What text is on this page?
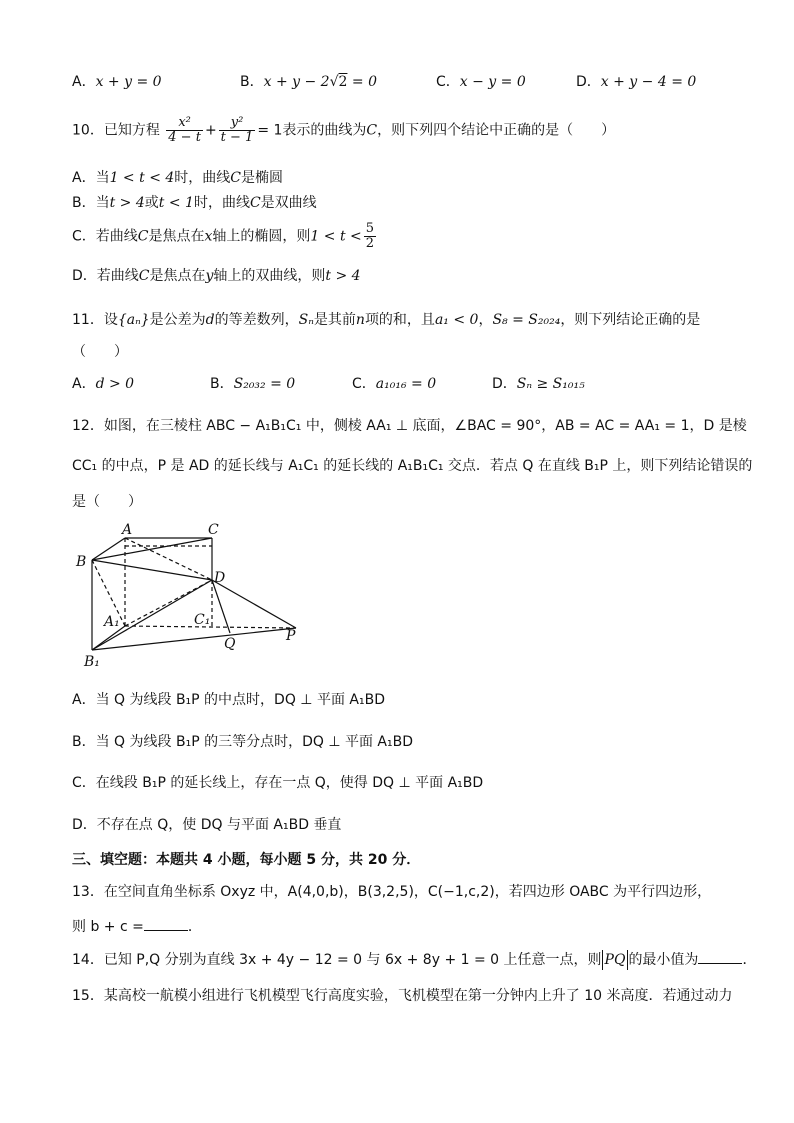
A．x + y = 0	B．x + y − 2√2 = 0	C．x − y = 0	D．x + y − 4 = 0
10．已知方程 $\frac{\text{x²}}{4 - t} + \frac{\text{y²}}{t - 1} = 1$表示的曲线为C，则下列四个结论中正确的是（　　）
A．当1 < t < 4时，曲线C是椭圆
B．当t > 4或t < 1时，曲线C是双曲线
C．若曲线C是焦点在x轴上的椭圆，则$1 < t < \frac{5}{2}$
D．若曲线C是焦点在y轴上的双曲线，则t > 4
11．设{aₙ}是公差为d的等差数列，Sₙ是其前n项的和，且a₁ < 0，S₈ = S₂₀₂₄，则下列结论正确的是
（　　）
A．d > 0	B．S₂₀₃₂ = 0	C．a₁₀₁₆ = 0	D．Sₙ ≥ S₁₀₁₅
12．如图，在三棱柱 ABC − A₁B₁C₁ 中，侧棱 AA₁ ⊥ 底面，∠BAC = 90°，AB = AC = AA₁ = 1，D 是棱
CC₁ 的中点，P 是 AD 的延长线与 A₁C₁ 的延长线的 A₁B₁C₁ 交点．若点 Q 在直线 B₁P 上，则下列结论错误的
是（　　）
A	C
B
D
A₁	C₁
Q	P
B₁
A．当 Q 为线段 B₁P 的中点时，DQ ⊥ 平面 A₁BD
B．当 Q 为线段 B₁P 的三等分点时，DQ ⊥ 平面 A₁BD
C．在线段 B₁P 的延长线上，存在一点 Q，使得 DQ ⊥ 平面 A₁BD
D．不存在点 Q，使 DQ 与平面 A₁BD 垂直
三、填空题：本题共 4 小题，每小题 5 分，共 20 分．
13．在空间直角坐标系 Oxyz 中，A(4,0,b)，B(3,2,5)，C(−1,c,2)，若四边形 OABC 为平行四边形，
则 b + c =	．
14．已知 P,Q 分别为直线 3x + 4y − 12 = 0 与 6x + 8y + 1 = 0 上任意一点，则 PQ 的最小值为	．
15．某高校一航模小组进行飞机模型飞行高度实验，飞机模型在第一分钟内上升了 10 米高度．若通过动力
